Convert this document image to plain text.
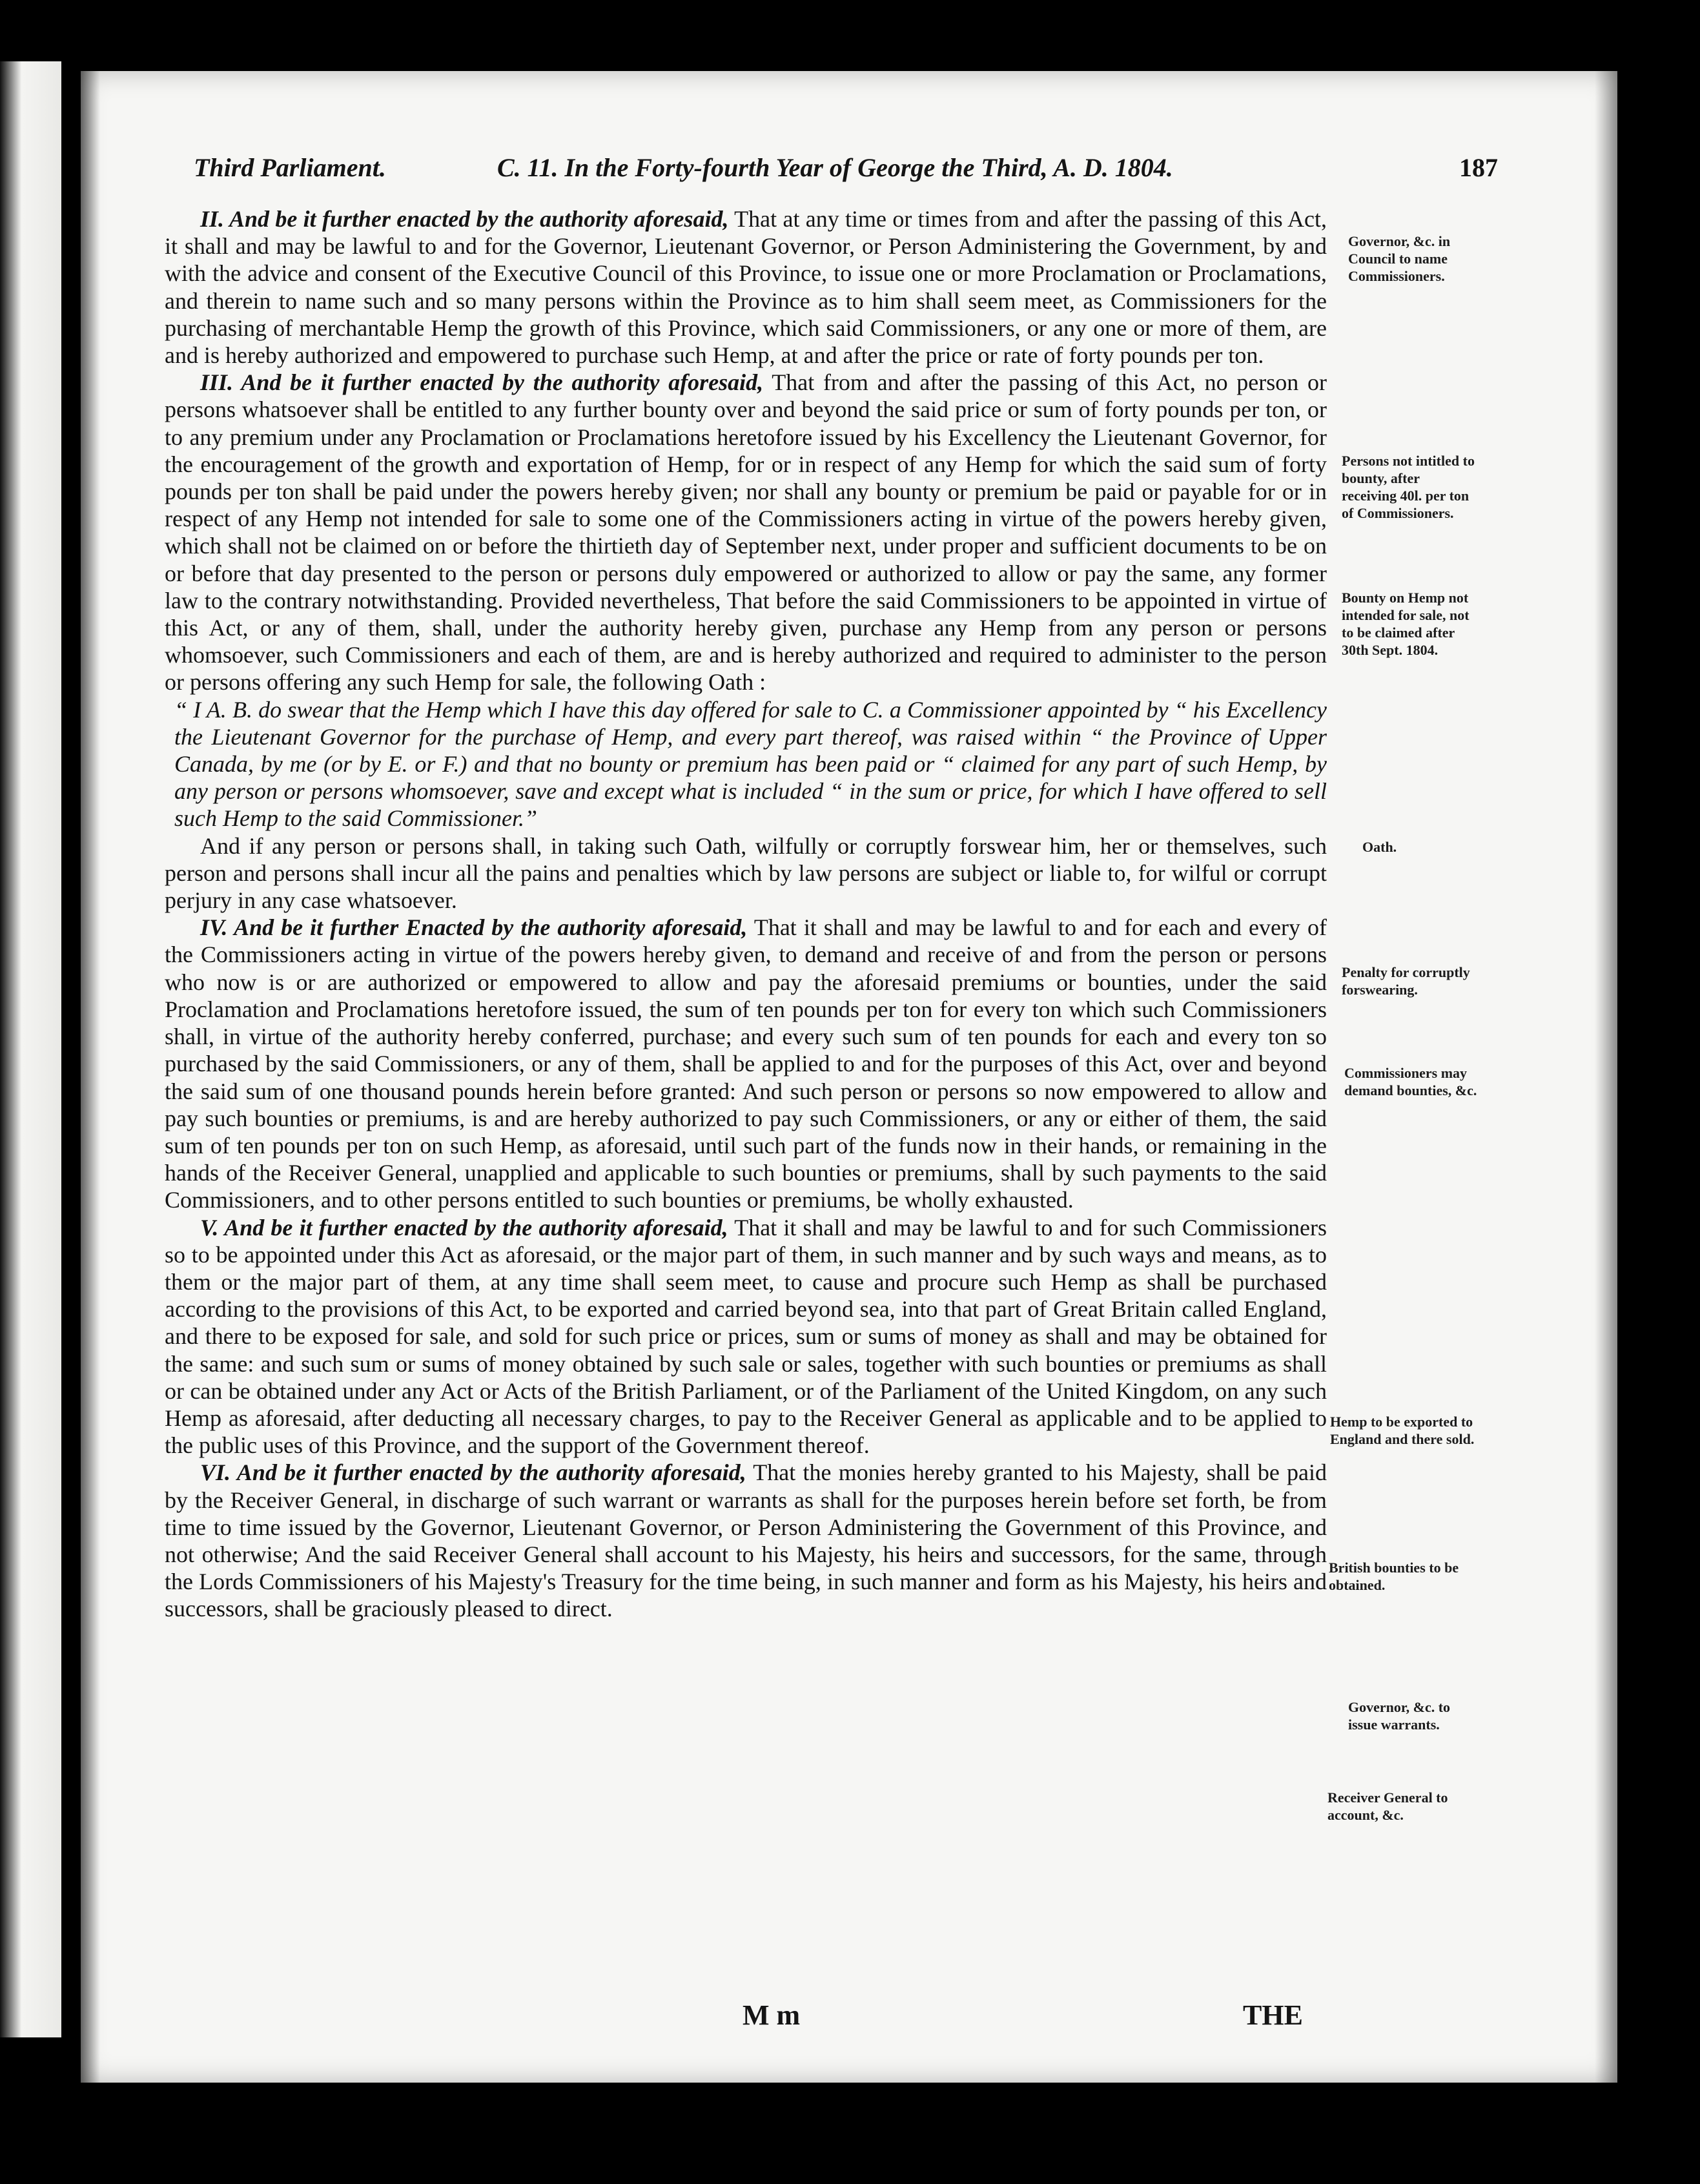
Third Parliament.	C. 11. In the Forty-fourth Year of George the Third, A. D. 1804.	187

II. And be it further enacted by the authority aforesaid, That at any time or times from and after the passing of this Act, it shall and may be lawful to and for the Governor, Lieutenant Governor, or Person Administering the Government, by and with the advice and consent of the Executive Council of this Province, to issue one or more Proclamation or Proclamations, and therein to name such and so many persons within the Province as to him shall seem meet, as Commissioners for the purchasing of merchantable Hemp the growth of this Province, which said Commissioners, or any one or more of them, are and is hereby authorized and empowered to purchase such Hemp, at and after the price or rate of forty pounds per ton.

III. And be it further enacted by the authority aforesaid, That from and after the passing of this Act, no person or persons whatsoever shall be entitled to any further bounty over and beyond the said price or sum of forty pounds per ton, or to any premium under any Proclamation or Proclamations heretofore issued by his Excellency the Lieutenant Governor, for the encouragement of the growth and exportation of Hemp, for or in respect of any Hemp for which the said sum of forty pounds per ton shall be paid under the powers hereby given; nor shall any bounty or premium be paid or payable for or in respect of any Hemp not intended for sale to some one of the Commissioners acting in virtue of the powers hereby given, which shall not be claimed on or before the thirtieth day of September next, under proper and sufficient documents to be on or before that day presented to the person or persons duly empowered or authorized to allow or pay the same, any former law to the contrary notwithstanding. Provided nevertheless, That before the said Commissioners to be appointed in virtue of this Act, or any of them, shall, under the authority hereby given, purchase any Hemp from any person or persons whomsoever, such Commissioners and each of them, are and is hereby authorized and required to administer to the person or persons offering any such Hemp for sale, the following Oath :

“ I A. B. do swear that the Hemp which I have this day offered for sale to C. a Commissioner appointed by “ his Excellency the Lieutenant Governor for the purchase of Hemp, and every part thereof, was raised within “ the Province of Upper Canada, by me (or by E. or F.) and that no bounty or premium has been paid or “ claimed for any part of such Hemp, by any person or persons whomsoever, save and except what is included “ in the sum or price, for which I have offered to sell such Hemp to the said Commissioner.”

And if any person or persons shall, in taking such Oath, wilfully or corruptly forswear him, her or themselves, such person and persons shall incur all the pains and penalties which by law persons are subject or liable to, for wilful or corrupt perjury in any case whatsoever.

IV. And be it further Enacted by the authority aforesaid, That it shall and may be lawful to and for each and every of the Commissioners acting in virtue of the powers hereby given, to demand and receive of and from the person or persons who now is or are authorized or empowered to allow and pay the aforesaid premiums or bounties, under the said Proclamation and Proclamations heretofore issued, the sum of ten pounds per ton for every ton which such Commissioners shall, in virtue of the authority hereby conferred, purchase; and every such sum of ten pounds for each and every ton so purchased by the said Commissioners, or any of them, shall be applied to and for the purposes of this Act, over and beyond the said sum of one thousand pounds herein before granted: And such person or persons so now empowered to allow and pay such bounties or premiums, is and are hereby authorized to pay such Commissioners, or any or either of them, the said sum of ten pounds per ton on such Hemp, as aforesaid, until such part of the funds now in their hands, or remaining in the hands of the Receiver General, unapplied and applicable to such bounties or premiums, shall by such payments to the said Commissioners, and to other persons entitled to such bounties or premiums, be wholly exhausted.

V. And be it further enacted by the authority aforesaid, That it shall and may be lawful to and for such Commissioners so to be appointed under this Act as aforesaid, or the major part of them, in such manner and by such ways and means, as to them or the major part of them, at any time shall seem meet, to cause and procure such Hemp as shall be purchased according to the provisions of this Act, to be exported and carried beyond sea, into that part of Great Britain called England, and there to be exposed for sale, and sold for such price or prices, sum or sums of money as shall and may be obtained for the same: and such sum or sums of money obtained by such sale or sales, together with such bounties or premiums as shall or can be obtained under any Act or Acts of the British Parliament, or of the Parliament of the United Kingdom, on any such Hemp as aforesaid, after deducting all necessary charges, to pay to the Receiver General as applicable and to be applied to the public uses of this Province, and the support of the Government thereof.

VI. And be it further enacted by the authority aforesaid, That the monies hereby granted to his Majesty, shall be paid by the Receiver General, in discharge of such warrant or warrants as shall for the purposes herein before set forth, be from time to time issued by the Governor, Lieutenant Governor, or Person Administering the Government of this Province, and not otherwise; And the said Receiver General shall account to his Majesty, his heirs and successors, for the same, through the Lords Commissioners of his Majesty's Treasury for the time being, in such manner and form as his Majesty, his heirs and successors, shall be graciously pleased to direct.

Governor, &c. in Council to name Commissioners.
Persons not intitled to bounty, after receiving 40l. per ton of Commissioners.
Bounty on Hemp not intended for sale, not to be claimed after 30th Sept. 1804.
Oath.
Penalty for corruptly forswearing.
Commissioners may demand bounties, &c.
Hemp to be exported to England and there sold.
British bounties to be obtained.
Governor, &c. to issue warrants.
Receiver General to account, &c.
M m	THE
